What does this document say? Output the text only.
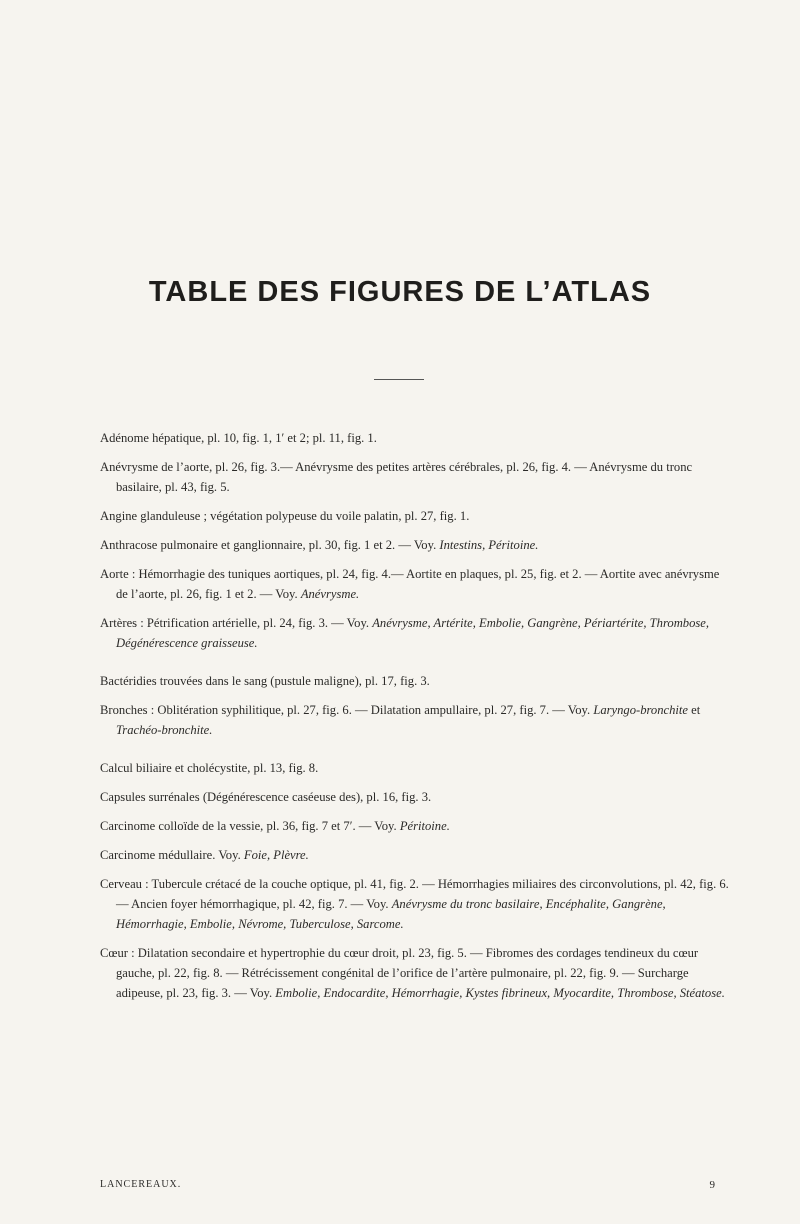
TABLE DES FIGURES DE L’ATLAS

Adénome hépatique, pl. 10, fig. 1, 1′ et 2; pl. 11, fig. 1.

Anévrysme de l’aorte, pl. 26, fig. 3.— Anévrysme des petites artères cérébrales, pl. 26, fig. 4. — Anévrysme du tronc basilaire, pl. 43, fig. 5.

Angine glanduleuse ; végétation polypeuse du voile palatin, pl. 27, fig. 1.

Anthracose pulmonaire et ganglionnaire, pl. 30, fig. 1 et 2. — Voy. Intestins, Péritoine.

Aorte : Hémorrhagie des tuniques aortiques, pl. 24, fig. 4.— Aortite en plaques, pl. 25, fig. et 2. — Aortite avec anévrysme de l’aorte, pl. 26, fig. 1 et 2. — Voy. Anévrysme.

Artères : Pétrification artérielle, pl. 24, fig. 3. — Voy. Anévrysme, Artérite, Embolie, Gangrène, Périartérite, Thrombose, Dégénérescence graisseuse.

Bactéridies trouvées dans le sang (pustule maligne), pl. 17, fig. 3.

Bronches : Oblitération syphilitique, pl. 27, fig. 6. — Dilatation ampullaire, pl. 27, fig. 7. — Voy. Laryngo-bronchite et Trachéo-bronchite.

Calcul biliaire et cholécystite, pl. 13, fig. 8.

Capsules surrénales (Dégénérescence caséeuse des), pl. 16, fig. 3.

Carcinome colloïde de la vessie, pl. 36, fig. 7 et 7′. — Voy. Péritoine.

Carcinome médullaire. Voy. Foie, Plèvre.

Cerveau : Tubercule crétacé de la couche optique, pl. 41, fig. 2. — Hémorrhagies miliaires des circonvolutions, pl. 42, fig. 6. — Ancien foyer hémorrhagique, pl. 42, fig. 7. — Voy. Anévrysme du tronc basilaire, Encéphalite, Gangrène, Hémorrhagie, Embolie, Névrome, Tuberculose, Sarcome.

Cœur : Dilatation secondaire et hypertrophie du cœur droit, pl. 23, fig. 5. — Fibromes des cordages tendineux du cœur gauche, pl. 22, fig. 8. — Rétrécissement congénital de l’orifice de l’artère pulmonaire, pl. 22, fig. 9. — Surcharge adipeuse, pl. 23, fig. 3. — Voy. Embolie, Endocardite, Hémorrhagie, Kystes fibrineux, Myocardite, Thrombose, Stéatose.

LANCEREAUX.	9
